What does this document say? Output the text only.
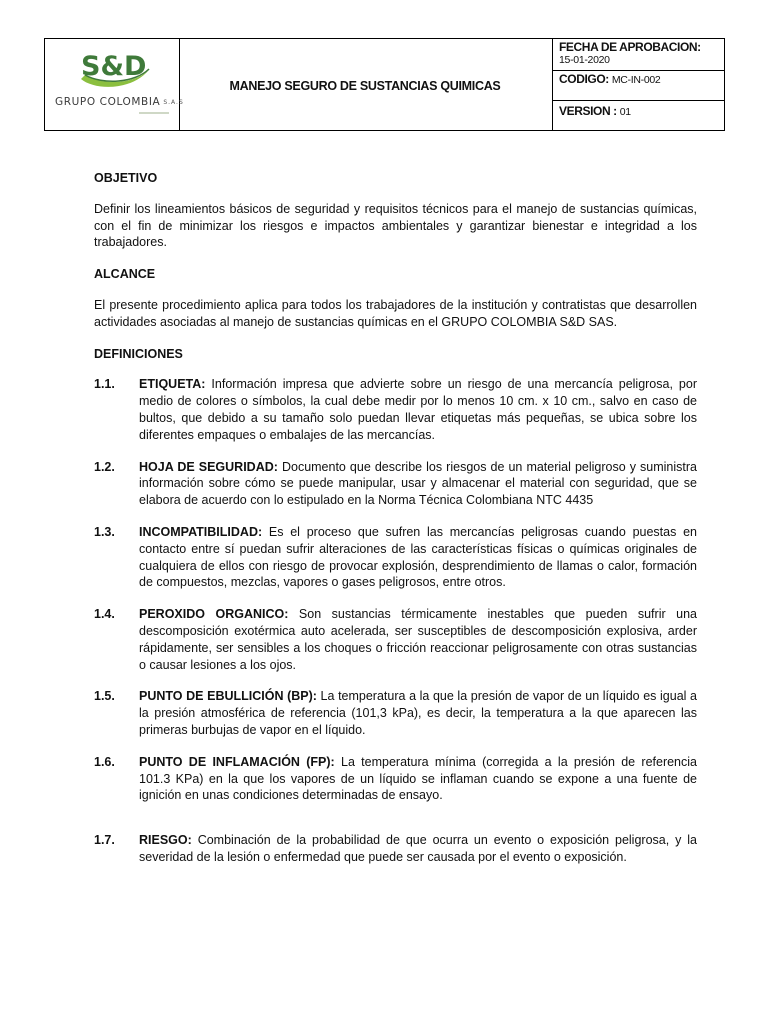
S&D
GRUPO COLOMBIA S.A.S
MANEJO SEGURO DE SUSTANCIAS QUIMICAS
FECHA DE APROBACION:
15-01-2020
CODIGO: MC-IN-002
VERSION : 01

OBJETIVO

Definir los lineamientos básicos de seguridad y requisitos técnicos para el manejo de sustancias químicas, con el fin de minimizar los riesgos e impactos ambientales y garantizar bienestar e integridad a los trabajadores.

ALCANCE

El presente procedimiento aplica para todos los trabajadores de la institución y contratistas que desarrollen actividades asociadas al manejo de sustancias químicas en el GRUPO COLOMBIA S&D SAS.

DEFINICIONES

1.1. ETIQUETA: Información impresa que advierte sobre un riesgo de una mercancía peligrosa, por medio de colores o símbolos, la cual debe medir por lo menos 10 cm. x 10 cm., salvo en caso de bultos, que debido a su tamaño solo puedan llevar etiquetas más pequeñas, se ubica sobre los diferentes empaques o embalajes de las mercancías.
1.2. HOJA DE SEGURIDAD: Documento que describe los riesgos de un material peligroso y suministra información sobre cómo se puede manipular, usar y almacenar el material con seguridad, que se elabora de acuerdo con lo estipulado en la Norma Técnica Colombiana NTC 4435
1.3. INCOMPATIBILIDAD: Es el proceso que sufren las mercancías peligrosas cuando puestas en contacto entre sí puedan sufrir alteraciones de las características físicas o químicas originales de cualquiera de ellos con riesgo de provocar explosión, desprendimiento de llamas o calor, formación de compuestos, mezclas, vapores o gases peligrosos, entre otros.
1.4. PEROXIDO ORGANICO: Son sustancias térmicamente inestables que pueden sufrir una descomposición exotérmica auto acelerada, ser susceptibles de descomposición explosiva, arder rápidamente, ser sensibles a los choques o fricción reaccionar peligrosamente con otras sustancias o causar lesiones a los ojos.
1.5. PUNTO DE EBULLICIÓN (BP): La temperatura a la que la presión de vapor de un líquido es igual a la presión atmosférica de referencia (101,3 kPa), es decir, la temperatura a la que aparecen las primeras burbujas de vapor en el líquido.
1.6. PUNTO DE INFLAMACIÓN (FP): La temperatura mínima (corregida a la presión de referencia 101.3 KPa) en la que los vapores de un líquido se inflaman cuando se expone a una fuente de ignición en unas condiciones determinadas de ensayo.
1.7. RIESGO: Combinación de la probabilidad de que ocurra un evento o exposición peligrosa, y la severidad de la lesión o enfermedad que puede ser causada por el evento o exposición.
